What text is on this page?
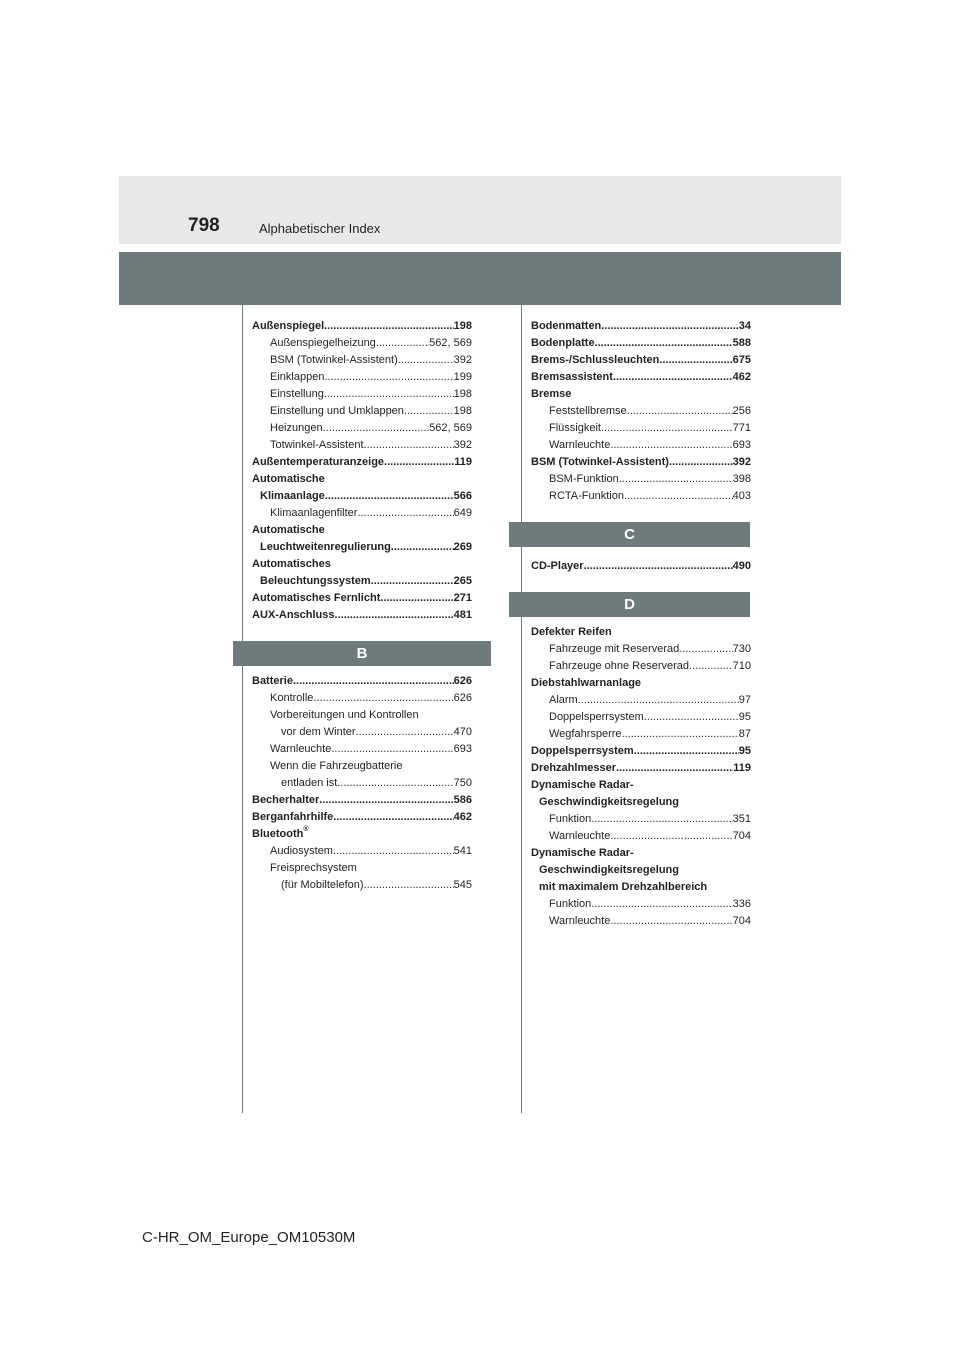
798	Alphabetischer Index
Außenspiegel .....	198
Außenspiegelheizung .....	562, 569
BSM (Totwinkel-Assistent) .....	392
Einklappen .....	199
Einstellung .....	198
Einstellung und Umklappen .....	198
Heizungen .....	562, 569
Totwinkel-Assistent .....	392
Außentemperaturanzeige .....	119
Automatische
Klimaanlage .....	566
Klimaanlagenfilter .....	649
Automatische
Leuchtweitenregulierung .....	269
Automatisches
Beleuchtungssystem .....	265
Automatisches Fernlicht .....	271
AUX-Anschluss .....	481
B
Batterie .....	626
Kontrolle .....	626
Vorbereitungen und Kontrollen
vor dem Winter .....	470
Warnleuchte .....	693
Wenn die Fahrzeugbatterie
entladen ist .....	750
Becherhalter .....	586
Berganfahrhilfe .....	462
Bluetooth®
Audiosystem .....	541
Freisprechsystem
(für Mobiltelefon) .....	545
Bodenmatten .....	34
Bodenplatte .....	588
Brems-/Schlussleuchten .....	675
Bremsassistent .....	462
Bremse
Feststellbremse .....	256
Flüssigkeit .....	771
Warnleuchte .....	693
BSM (Totwinkel-Assistent) .....	392
BSM-Funktion .....	398
RCTA-Funktion .....	403
C
CD-Player .....	490
D
Defekter Reifen
Fahrzeuge mit Reserverad .....	730
Fahrzeuge ohne Reserverad .....	710
Diebstahlwarnanlage
Alarm .....	97
Doppelsperrsystem .....	95
Wegfahrsperre .....	87
Doppelsperrsystem .....	95
Drehzahlmesser .....	119
Dynamische Radar-
Geschwindigkeitsregelung
Funktion .....	351
Warnleuchte .....	704
Dynamische Radar-
Geschwindigkeitsregelung
mit maximalem Drehzahlbereich
Funktion .....	336
Warnleuchte .....	704
C-HR_OM_Europe_OM10530M
